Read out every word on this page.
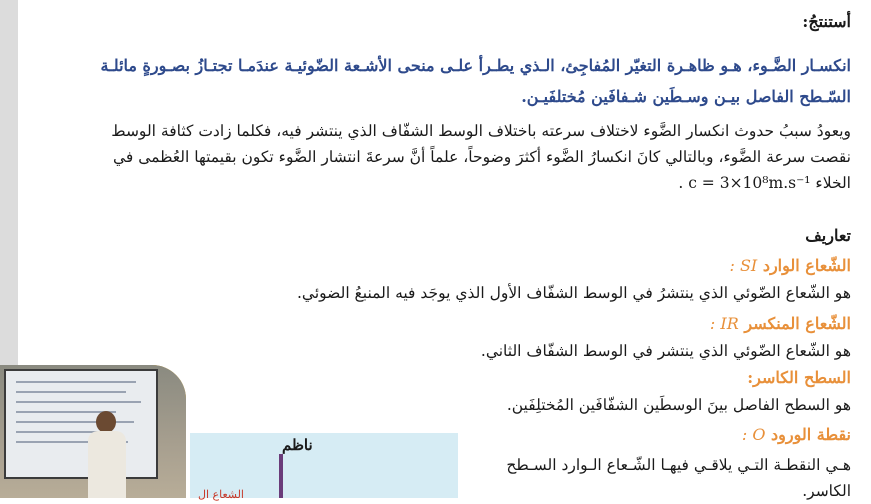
أستنتجُ:
انكسـار الضَّـوء، هـو ظاهـرة التغيّر المُفاجِئ، الـذي يطـرأ علـى منحى الأشـعة الضّوئيـة عندَمـا تجتـازُ بصـورةٍ مائلـة السّـطح الفاصل بيـن وسـطَين شـفافَين مُختلفَيـن.
ويعودُ سببُ حدوث انكسار الضَّوء لاختلاف سرعته باختلاف الوسط الشفّاف الذي ينتشر فيه، فكلما زادت كثافة الوسط نقصت سرعة الضَّوء، وبالتالي كانَ انكسارُ الضَّوء أكثرَ وضوحاً، علماً أنَّ سرعةَ انتشار الضَّوء تكون بقيمتها العُظمى في الخلاء c = 3×10⁸m.s⁻¹ .
تعاريف
الشّعاع الوارد SI :
هو الشّعاع الضّوئي الذي ينتشرُ في الوسط الشفّاف الأول الذي يوجَد فيه المنبعُ الضوئي.
الشّعاع المنكسر IR :
هو الشّعاع الضّوئي الذي ينتشر في الوسط الشفّاف الثاني.
السطح الكاسر:
هو السطح الفاصل بينَ الوسطَين الشفّافَين المُختلِفَين.
نقطة الورود O :
هـي النقطـة التـي يلاقـي فيهـا الشّـعاع الـوارد السـطح الكاسر.
ناظم
الشعاع ال
